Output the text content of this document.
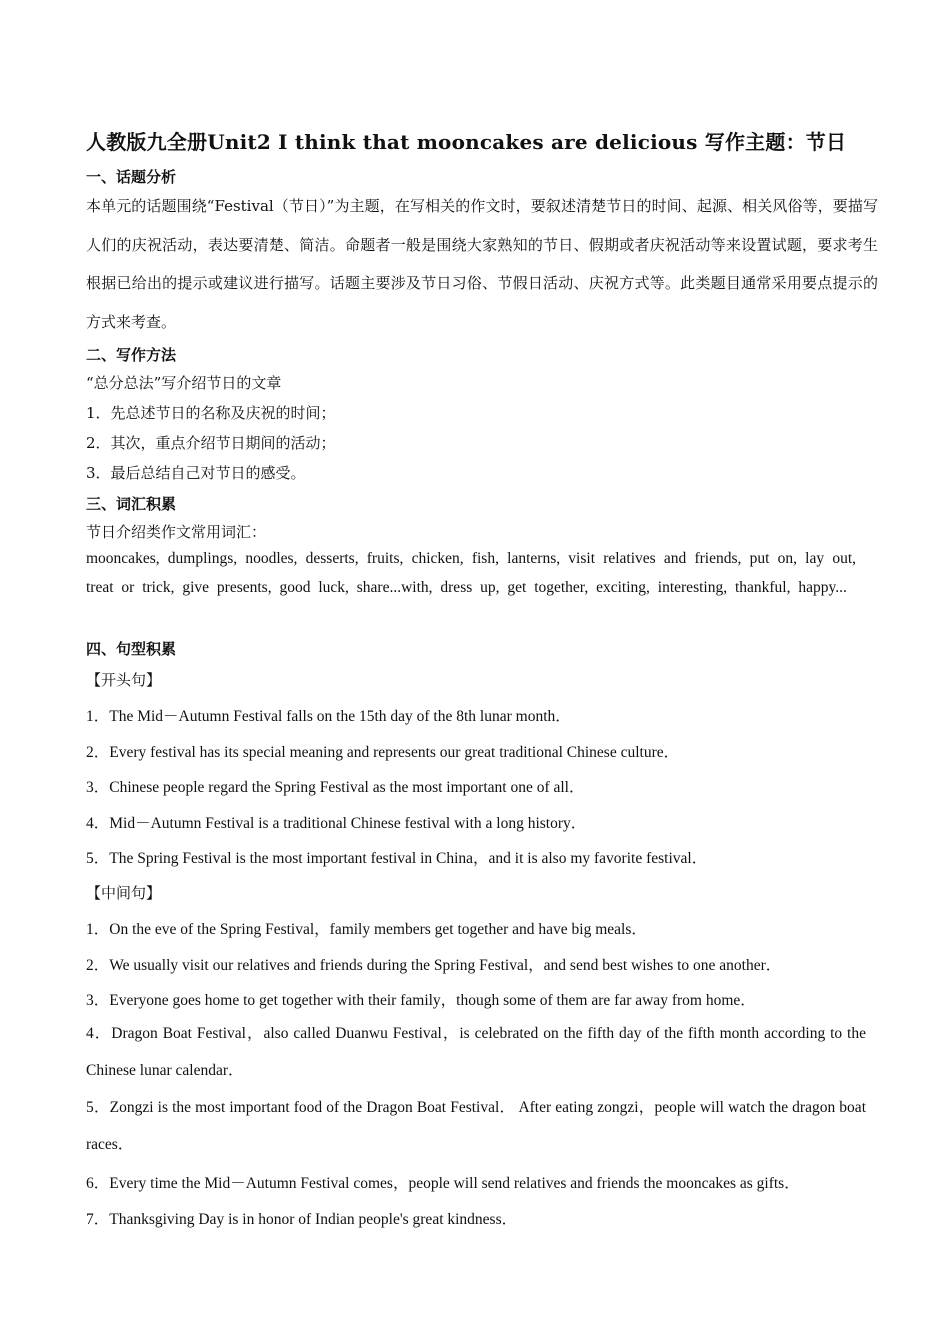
人教版九全册Unit2 I think that mooncakes are delicious 写作主题：节日
一、话题分析
本单元的话题围绕“Festival（节日）”为主题，在写相关的作文时，要叙述清楚节日的时间、起源、相关风俗等，要描写人们的庆祝活动，表达要清楚、简洁。命题者一般是围绕大家熟知的节日、假期或者庆祝活动等来设置试题，要求考生根据已给出的提示或建议进行描写。话题主要涉及节日习俗、节假日活动、庆祝方式等。此类题目通常采用要点提示的方式来考查。
二、写作方法
“总分总法”写介绍节日的文章
1．先总述节日的名称及庆祝的时间；
2．其次，重点介绍节日期间的活动；
3．最后总结自己对节日的感受。
三、词汇积累
节日介绍类作文常用词汇：
mooncakes, dumplings, noodles, desserts, fruits, chicken, fish, lanterns, visit relatives and friends, put on, lay out, treat or trick, give presents, good luck, share...with, dress up, get together, exciting, interesting, thankful, happy...
四、句型积累
【开头句】
1．The Mid－Autumn Festival falls on the 15th day of the 8th lunar month．
2．Every festival has its special meaning and represents our great traditional Chinese culture．
3．Chinese people regard the Spring Festival as the most important one of all．
4．Mid－Autumn Festival is a traditional Chinese festival with a long history．
5．The Spring Festival is the most important festival in China，and it is also my favorite festival．
【中间句】
1．On the eve of the Spring Festival，family members get together and have big meals．
2．We usually visit our relatives and friends during the Spring Festival，and send best wishes to one another．
3．Everyone goes home to get together with their family，though some of them are far away from home．
4．Dragon Boat Festival，also called Duanwu Festival，is celebrated on the fifth day of the fifth month according to the Chinese lunar calendar．
5．Zongzi is the most important food of the Dragon Boat Festival． After eating zongzi，people will watch the dragon boat races．
6．Every time the Mid－Autumn Festival comes，people will send relatives and friends the mooncakes as gifts．
7．Thanksgiving Day is in honor of Indian people's great kindness．
